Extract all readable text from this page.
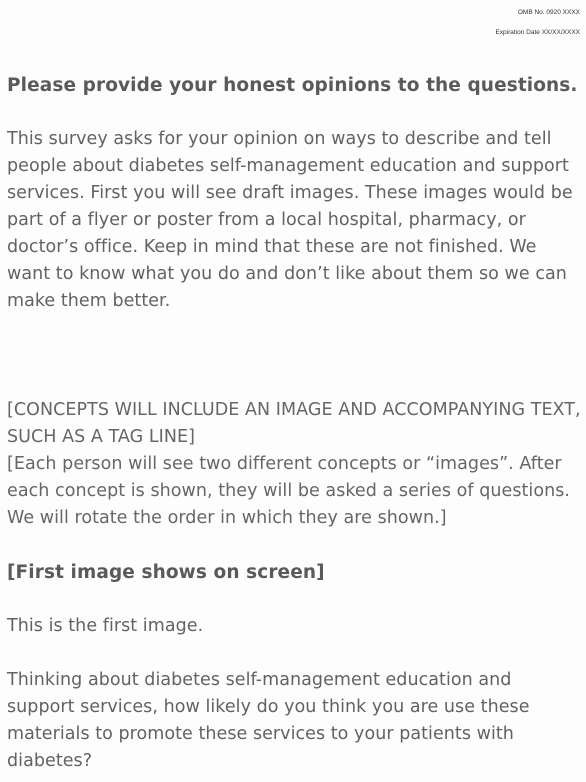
OMB No. 0920 XXXX
Expiration Date XX/XX/XXXX
Please provide your honest opinions to the questions.

This survey asks for your opinion on ways to describe and tell people about diabetes self-management education and support services. First you will see draft images. These images would be part of a flyer or poster from a local hospital, pharmacy, or doctor’s office. Keep in mind that these are not finished. We want to know what you do and don’t like about them so we can make them better.

[CONCEPTS WILL INCLUDE AN IMAGE AND ACCOMPANYING TEXT, SUCH AS A TAG LINE]

[Each person will see two different concepts or “images”. After each concept is shown, they will be asked a series of questions. We will rotate the order in which they are shown.]

[First image shows on screen]

This is the first image.

Thinking about diabetes self-management education and support services, how likely do you think you are use these materials to promote these services to your patients with diabetes?
